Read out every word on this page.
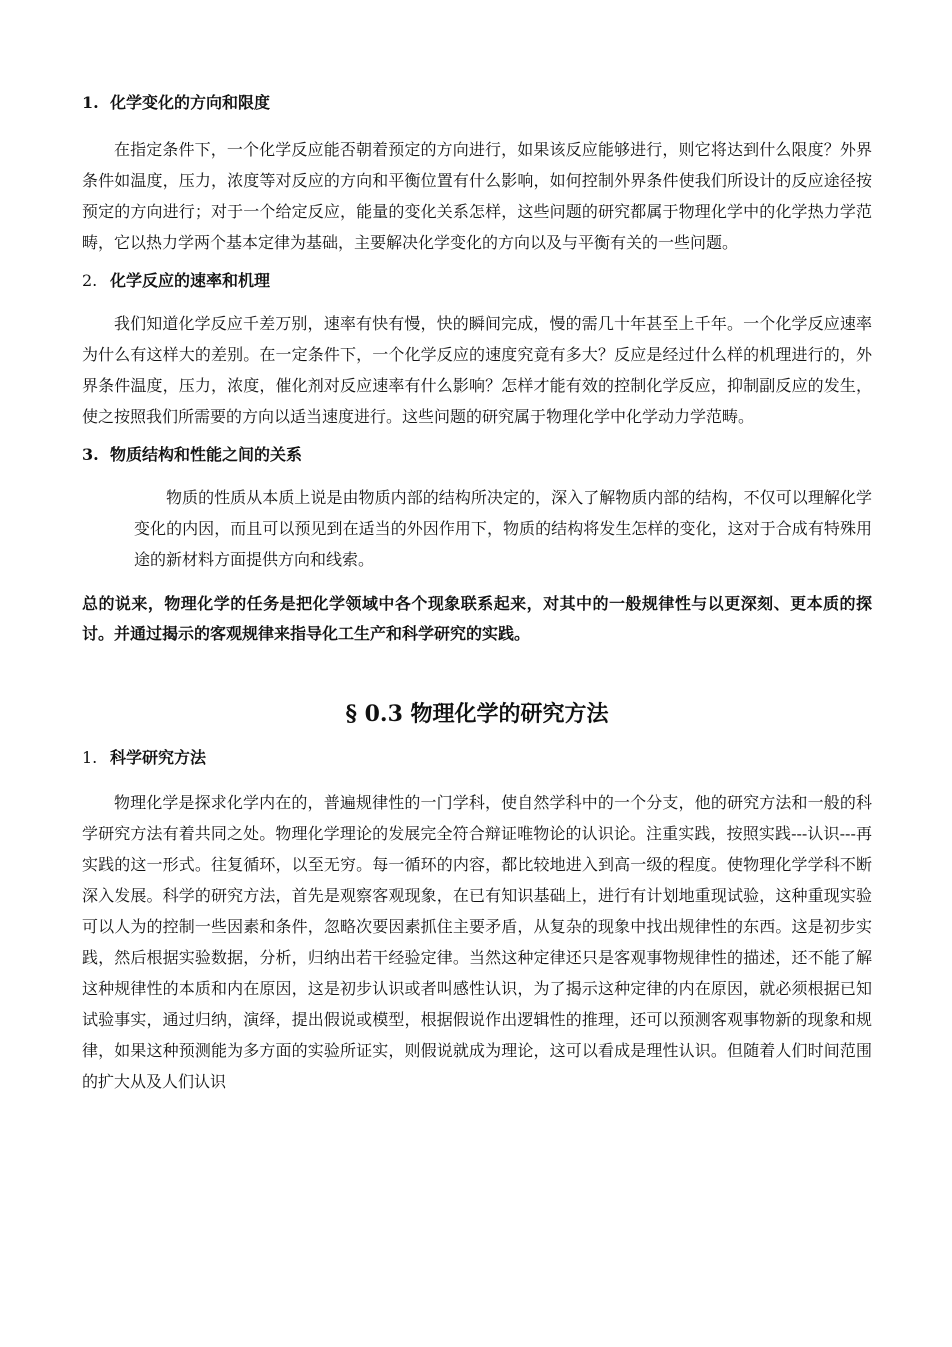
1. 化学变化的方向和限度

在指定条件下，一个化学反应能否朝着预定的方向进行，如果该反应能够进行，则它将达到什么限度？外界条件如温度，压力，浓度等对反应的方向和平衡位置有什么影响，如何控制外界条件使我们所设计的反应途径按预定的方向进行；对于一个给定反应，能量的变化关系怎样，这些问题的研究都属于物理化学中的化学热力学范畴，它以热力学两个基本定律为基础，主要解决化学变化的方向以及与平衡有关的一些问题。

2. 化学反应的速率和机理

我们知道化学反应千差万别，速率有快有慢，快的瞬间完成，慢的需几十年甚至上千年。一个化学反应速率为什么有这样大的差别。在一定条件下，一个化学反应的速度究竟有多大？反应是经过什么样的机理进行的，外界条件温度，压力，浓度，催化剂对反应速率有什么影响？怎样才能有效的控制化学反应，抑制副反应的发生，使之按照我们所需要的方向以适当速度进行。这些问题的研究属于物理化学中化学动力学范畴。

3. 物质结构和性能之间的关系

物质的性质从本质上说是由物质内部的结构所决定的，深入了解物质内部的结构，不仅可以理解化学变化的内因，而且可以预见到在适当的外因作用下，物质的结构将发生怎样的变化，这对于合成有特殊用途的新材料方面提供方向和线索。

总的说来，物理化学的任务是把化学领域中各个现象联系起来，对其中的一般规律性与以更深刻、更本质的探讨。并通过揭示的客观规律来指导化工生产和科学研究的实践。

§ 0.3 物理化学的研究方法
1. 科学研究方法

物理化学是探求化学内在的，普遍规律性的一门学科，使自然学科中的一个分支，他的研究方法和一般的科学研究方法有着共同之处。物理化学理论的发展完全符合辩证唯物论的认识论。注重实践，按照实践---认识---再实践的这一形式。往复循环，以至无穷。每一循环的内容，都比较地进入到高一级的程度。使物理化学学科不断深入发展。科学的研究方法，首先是观察客观现象，在已有知识基础上，进行有计划地重现试验，这种重现实验可以人为的控制一些因素和条件，忽略次要因素抓住主要矛盾，从复杂的现象中找出规律性的东西。这是初步实践，然后根据实验数据，分析，归纳出若干经验定律。当然这种定律还只是客观事物规律性的描述，还不能了解这种规律性的本质和内在原因，这是初步认识或者叫感性认识，为了揭示这种定律的内在原因，就必须根据已知试验事实，通过归纳，演绎，提出假说或模型，根据假说作出逻辑性的推理，还可以预测客观事物新的现象和规律，如果这种预测能为多方面的实验所证实，则假说就成为理论，这可以看成是理性认识。但随着人们时间范围的扩大从及人们认识
